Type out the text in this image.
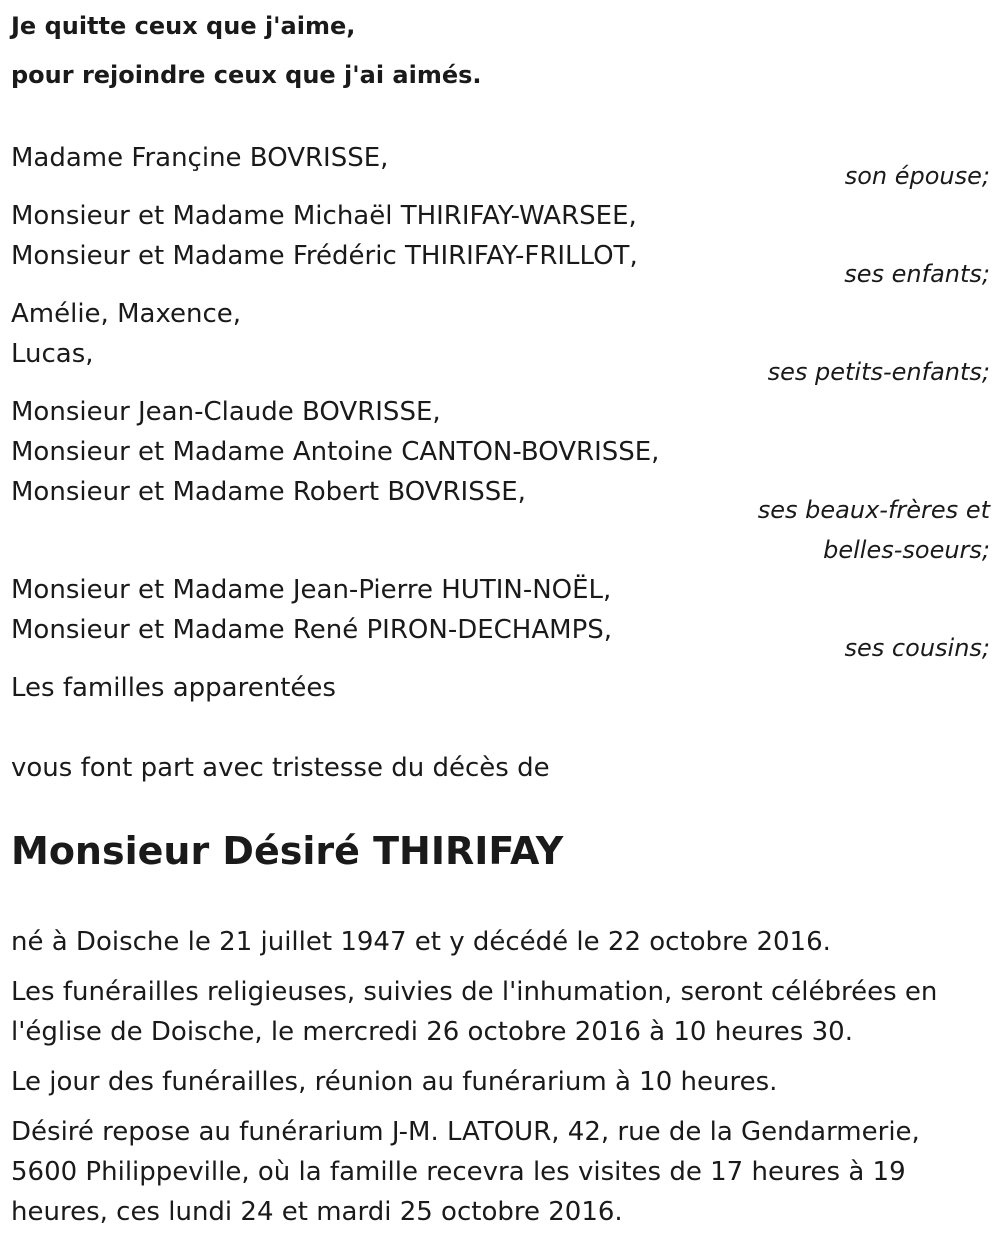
Je quitte ceux que j'aime,
pour rejoindre ceux que j'ai aimés.
Madame Françine BOVRISSE,
son épouse;
Monsieur et Madame Michaël THIRIFAY-WARSEE,
Monsieur et Madame Frédéric THIRIFAY-FRILLOT,
ses enfants;
Amélie, Maxence,
Lucas,
ses petits-enfants;
Monsieur Jean-Claude BOVRISSE,
Monsieur et Madame Antoine CANTON-BOVRISSE,
Monsieur et Madame Robert BOVRISSE,
ses beaux-frères et
belles-soeurs;
Monsieur et Madame Jean-Pierre HUTIN-NOËL,
Monsieur et Madame René PIRON-DECHAMPS,
ses cousins;
Les familles apparentées
vous font part avec tristesse du décès de
Monsieur Désiré THIRIFAY

né à Doische le 21 juillet 1947 et y décédé le 22 octobre 2016.

Les funérailles religieuses, suivies de l'inhumation, seront célébrées en l'église de Doische, le mercredi 26 octobre 2016 à 10 heures 30.

Le jour des funérailles, réunion au funérarium à 10 heures.

Désiré repose au funérarium J-M. LATOUR, 42, rue de la Gendarmerie, 5600 Philippeville, où la famille recevra les visites de 17 heures à 19 heures, ces lundi 24 et mardi 25 octobre 2016.
